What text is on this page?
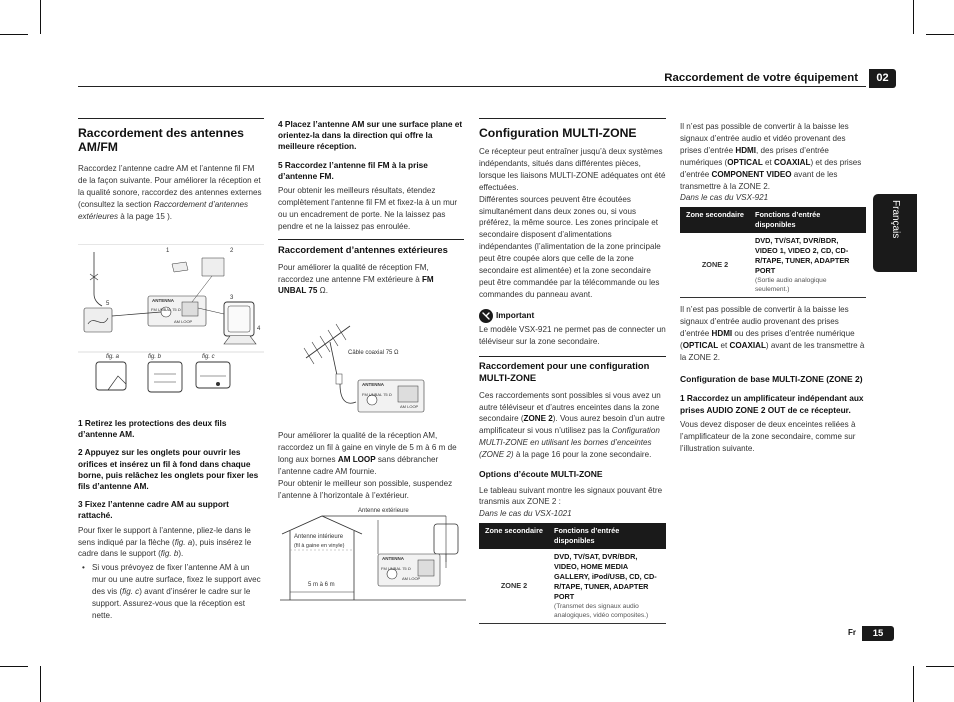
Raccordement de votre équipement	02
Français
Raccordement des antennes AM/FM

Raccordez l’antenne cadre AM et l’antenne fil FM de la façon suivante. Pour améliorer la réception et la qualité sonore, raccordez des antennes externes (consultez la section Raccordement d’antennes extérieures à la page 15 ).

1	2
3
4
5
ANTENNA
FM UNBAL 75 Ω
AM LOOP
fig. a	fig. b	fig. c
1 Retirez les protections des deux fils d’antenne AM.
2 Appuyez sur les onglets pour ouvrir les orifices et insérez un fil à fond dans chaque borne, puis relâchez les onglets pour fixer les fils d’antenne AM.
3 Fixez l’antenne cadre AM au support rattaché.

Pour fixer le support à l’antenne, pliez-le dans le sens indiqué par la flèche (fig. a), puis insérez le cadre dans le support (fig. b).

• Si vous prévoyez de fixer l’antenne AM à un mur ou une autre surface, fixez le support avec des vis (fig. c) avant d’insérer le cadre sur le support. Assurez-vous que la réception est nette.

4 Placez l’antenne AM sur une surface plane et orientez-la dans la direction qui offre la meilleure réception.
5 Raccordez l’antenne fil FM à la prise d’antenne FM.

Pour obtenir les meilleurs résultats, étendez complètement l’antenne fil FM et fixez-la à un mur ou un encadrement de porte. Ne la laissez pas pendre et ne la laissez pas enroulée.

Raccordement d’antennes extérieures

Pour améliorer la qualité de réception FM, raccordez une antenne FM extérieure à FM UNBAL 75 Ω.

Câble coaxial 75 Ω
ANTENNA
FM UNBAL 75 Ω
AM LOOP

Pour améliorer la qualité de la réception AM, raccordez un fil à gaine en vinyle de 5 m à 6 m de long aux bornes AM LOOP sans débrancher l’antenne cadre AM fournie.

Pour obtenir le meilleur son possible, suspendez l’antenne à l’horizontale à l’extérieur.

Antenne extérieure
Antenne intérieure
(fil à gaine en vinyle)
5 m à 6 m
ANTENNA
FM UNBAL 75 Ω
AM LOOP
Configuration MULTI-ZONE

Ce récepteur peut entraîner jusqu’à deux systèmes indépendants, situés dans différentes pièces, lorsque les liaisons MULTI-ZONE adéquates ont été effectuées.

Différentes sources peuvent être écoutées simultanément dans deux zones ou, si vous préférez, la même source. Les zones principale et secondaire disposent d’alimentations indépendantes (l’alimentation de la zone principale peut être coupée alors que celle de la zone secondaire est alimentée) et la zone secondaire peut être commandée par la télécommande ou les commandes du panneau avant.

Important

Le modèle VSX-921 ne permet pas de connecter un téléviseur sur la zone secondaire.

Raccordement pour une configuration MULTI-ZONE

Ces raccordements sont possibles si vous avez un autre téléviseur et d’autres enceintes dans la zone secondaire (ZONE 2). Vous aurez besoin d’un autre amplificateur si vous n’utilisez pas la Configuration MULTI-ZONE en utilisant les bornes d’enceintes (ZONE 2) à la page 16 pour la zone secondaire.

Options d’écoute MULTI-ZONE

Le tableau suivant montre les signaux pouvant être transmis aux ZONE 2 :

Dans le cas du VSX-1021

Zone secondaire	Fonctions d’entrée disponibles
ZONE 2	DVD, TV/SAT, DVR/BDR, VIDEO, HOME MEDIA GALLERY, iPod/USB, CD, CD-R/TAPE, TUNER, ADAPTER PORT
(Transmet des signaux audio analogiques, vidéo composites.)

Il n’est pas possible de convertir à la baisse les signaux d’entrée audio et vidéo provenant des prises d’entrée HDMI, des prises d’entrée numériques (OPTICAL et COAXIAL) et des prises d’entrée COMPONENT VIDEO avant de les transmettre à la ZONE 2.

Dans le cas du VSX-921

Zone secondaire	Fonctions d’entrée disponibles
ZONE 2	DVD, TV/SAT, DVR/BDR, VIDEO 1, VIDEO 2, CD, CD-R/TAPE, TUNER, ADAPTER PORT
(Sortie audio analogique seulement.)

Il n’est pas possible de convertir à la baisse les signaux d’entrée audio provenant des prises d’entrée HDMI ou des prises d’entrée numérique (OPTICAL et COAXIAL) avant de les transmettre à la ZONE 2.

Configuration de base MULTI-ZONE (ZONE 2)
1 Raccordez un amplificateur indépendant aux prises AUDIO ZONE 2 OUT de ce récepteur.

Vous devez disposer de deux enceintes reliées à l’amplificateur de la zone secondaire, comme sur l’illustration suivante.

Fr	15
